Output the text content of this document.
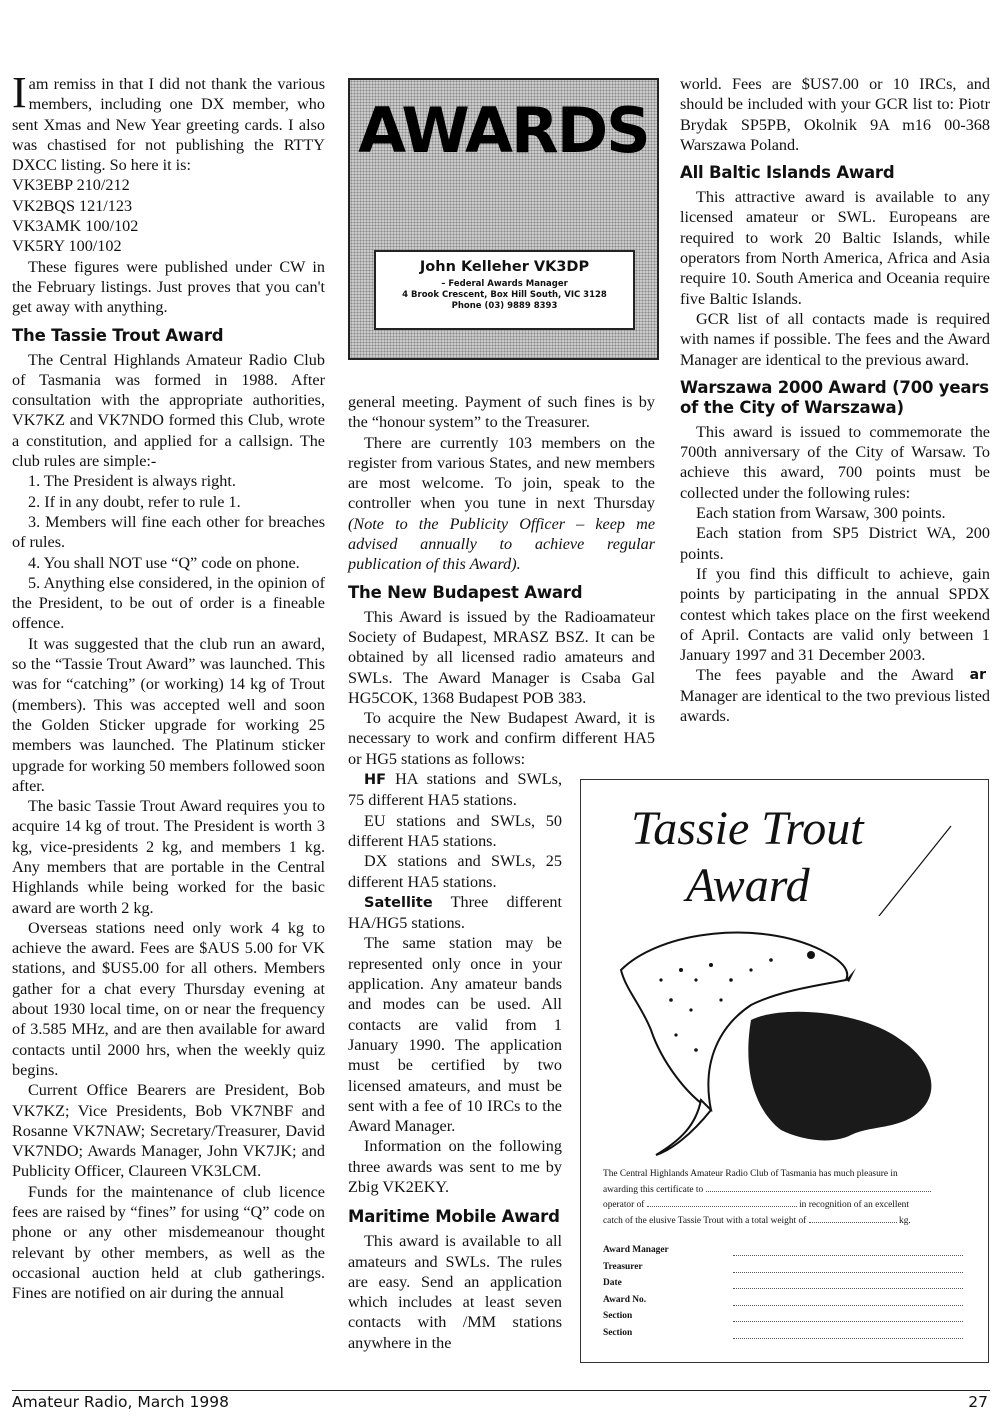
Iam remiss in that I did not thank the various members, including one DX member, who sent Xmas and New Year greeting cards. I also was chastised for not publishing the RTTY DXCC listing. So here it is:

VK3EBP 210/212
VK2BQS 121/123
VK3AMK 100/102
VK5RY 100/102

These figures were published under CW in the February listings. Just proves that you can't get away with anything.

The Tassie Trout Award

The Central Highlands Amateur Radio Club of Tasmania was formed in 1988. After consultation with the appropriate authorities, VK7KZ and VK7NDO formed this Club, wrote a constitution, and applied for a callsign. The club rules are simple:-

1. The President is always right.

2. If in any doubt, refer to rule 1.

3. Members will fine each other for breaches of rules.

4. You shall NOT use “Q” code on phone.

5. Anything else considered, in the opinion of the President, to be out of order is a fineable offence.

It was suggested that the club run an award, so the “Tassie Trout Award” was launched. This was for “catching” (or working) 14 kg of Trout (members). This was accepted well and soon the Golden Sticker upgrade for working 25 members was launched. The Platinum sticker upgrade for working 50 members followed soon after.

The basic Tassie Trout Award requires you to acquire 14 kg of trout. The President is worth 3 kg, vice-presidents 2 kg, and members 1 kg. Any members that are portable in the Central Highlands while being worked for the basic award are worth 2 kg.

Overseas stations need only work 4 kg to achieve the award. Fees are $AUS 5.00 for VK stations, and $US5.00 for all others. Members gather for a chat every Thursday evening at about 1930 local time, on or near the frequency of 3.585 MHz, and are then available for award contacts until 2000 hrs, when the weekly quiz begins.

Current Office Bearers are President, Bob VK7KZ; Vice Presidents, Bob VK7NBF and Rosanne VK7NAW; Secretary/Treasurer, David VK7NDO; Awards Manager, John VK7JK; and Publicity Officer, Claureen VK3LCM.

Funds for the maintenance of club licence fees are raised by “fines” for using “Q” code on phone or any other misdemeanour thought relevant by other members, as well as the occasional auction held at club gatherings. Fines are notified on air during the annual

AWARDS
John Kelleher VK3DP
– Federal Awards Manager
4 Brook Crescent, Box Hill South, VIC 3128
Phone (03) 9889 8393

general meeting. Payment of such fines is by the “honour system” to the Treasurer.

There are currently 103 members on the register from various States, and new members are most welcome. To join, speak to the controller when you tune in next Thursday (Note to the Publicity Officer – keep me advised annually to achieve regular publication of this Award).

The New Budapest Award

This Award is issued by the Radioamateur Society of Budapest, MRASZ BSZ. It can be obtained by all licensed radio amateurs and SWLs. The Award Manager is Csaba Gal HG5COK, 1368 Budapest POB 383.

To acquire the New Budapest Award, it is necessary to work and confirm different HA5 or HG5 stations as follows:

HF HA stations and SWLs, 75 different HA5 stations.

EU stations and SWLs, 50 different HA5 stations.

DX stations and SWLs, 25 different HA5 stations.

Satellite Three different HA/HG5 stations.

The same station may be represented only once in your application. Any amateur bands and modes can be used. All contacts are valid from 1 January 1990. The application must be certified by two licensed amateurs, and must be sent with a fee of 10 IRCs to the Award Manager.

Information on the following three awards was sent to me by Zbig VK2EKY.

Maritime Mobile Award

This award is available to all amateurs and SWLs. The rules are easy. Send an application which includes at least seven contacts with /MM stations anywhere in the

world. Fees are $US7.00 or 10 IRCs, and should be included with your GCR list to: Piotr Brydak SP5PB, Okolnik 9A m16 00-368 Warszawa Poland.

All Baltic Islands Award

This attractive award is available to any licensed amateur or SWL. Europeans are required to work 20 Baltic Islands, while operators from North America, Africa and Asia require 10. South America and Oceania require five Baltic Islands.

GCR list of all contacts made is required with names if possible. The fees and the Award Manager are identical to the previous award.

Warszawa 2000 Award (700 years of the City of Warszawa)

This award is issued to commemorate the 700th anniversary of the City of Warsaw. To achieve this award, 700 points must be collected under the following rules:

Each station from Warsaw, 300 points.

Each station from SP5 District WA, 200 points.

If you find this difficult to achieve, gain points by participating in the annual SPDX contest which takes place on the first weekend of April. Contacts are valid only between 1 January 1997 and 31 December 2003.

ar
The fees payable and the Award Manager are identical to the two previous listed awards.

Tassie Trout
Award
The Central Highlands Amateur Radio Club of Tasmania has much pleasure in
awarding this certificate to
operator of	in recognition of an excellent
catch of the elusive Tassie Trout with a total weight of	kg.
Award Manager
Treasurer
Date
Award No.
Section
Section
Amateur Radio, March 1998	27
